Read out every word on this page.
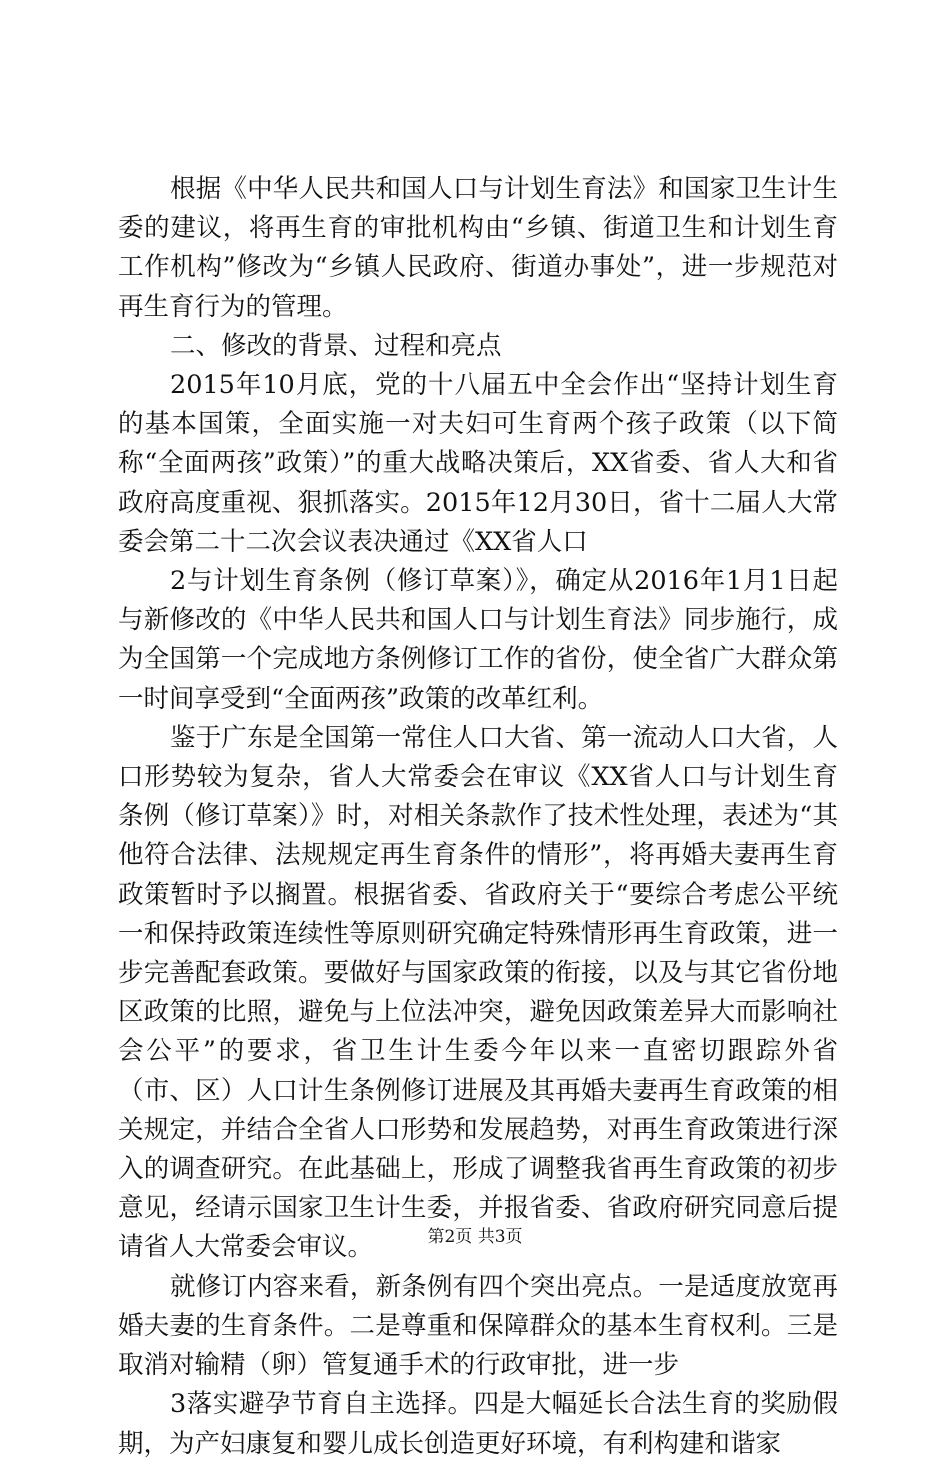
根据《中华人民共和国人口与计划生育法》和国家卫生计生委的建议，将再生育的审批机构由“乡镇、街道卫生和计划生育工作机构”修改为“乡镇人民政府、街道办事处”，进一步规范对再生育行为的管理。

二、修改的背景、过程和亮点

2015年10月底，党的十八届五中全会作出“坚持计划生育的基本国策，全面实施一对夫妇可生育两个孩子政策（以下简称“全面两孩”政策）”的重大战略决策后，XX省委、省人大和省政府高度重视、狠抓落实。2015年12月30日，省十二届人大常委会第二十二次会议表决通过《XX省人口

2与计划生育条例（修订草案）》，确定从2016年1月1日起与新修改的《中华人民共和国人口与计划生育法》同步施行，成为全国第一个完成地方条例修订工作的省份，使全省广大群众第一时间享受到“全面两孩”政策的改革红利。

鉴于广东是全国第一常住人口大省、第一流动人口大省，人口形势较为复杂，省人大常委会在审议《XX省人口与计划生育条例（修订草案）》时，对相关条款作了技术性处理，表述为“其他符合法律、法规规定再生育条件的情形”，将再婚夫妻再生育政策暂时予以搁置。根据省委、省政府关于“要综合考虑公平统一和保持政策连续性等原则研究确定特殊情形再生育政策，进一步完善配套政策。要做好与国家政策的衔接，以及与其它省份地区政策的比照，避免与上位法冲突，避免因政策差异大而影响社会公平”的要求，省卫生计生委今年以来一直密切跟踪外省（市、区）人口计生条例修订进展及其再婚夫妻再生育政策的相关规定，并结合全省人口形势和发展趋势，对再生育政策进行深入的调查研究。在此基础上，形成了调整我省再生育政策的初步意见，经请示国家卫生计生委，并报省委、省政府研究同意后提请省人大常委会审议。

就修订内容来看，新条例有四个突出亮点。一是适度放宽再婚夫妻的生育条件。二是尊重和保障群众的基本生育权利。三是取消对输精（卵）管复通手术的行政审批，进一步

3落实避孕节育自主选择。四是大幅延长合法生育的奖励假期，为产妇康复和婴儿成长创造更好环境，有利构建和谐家

第2页 共3页
